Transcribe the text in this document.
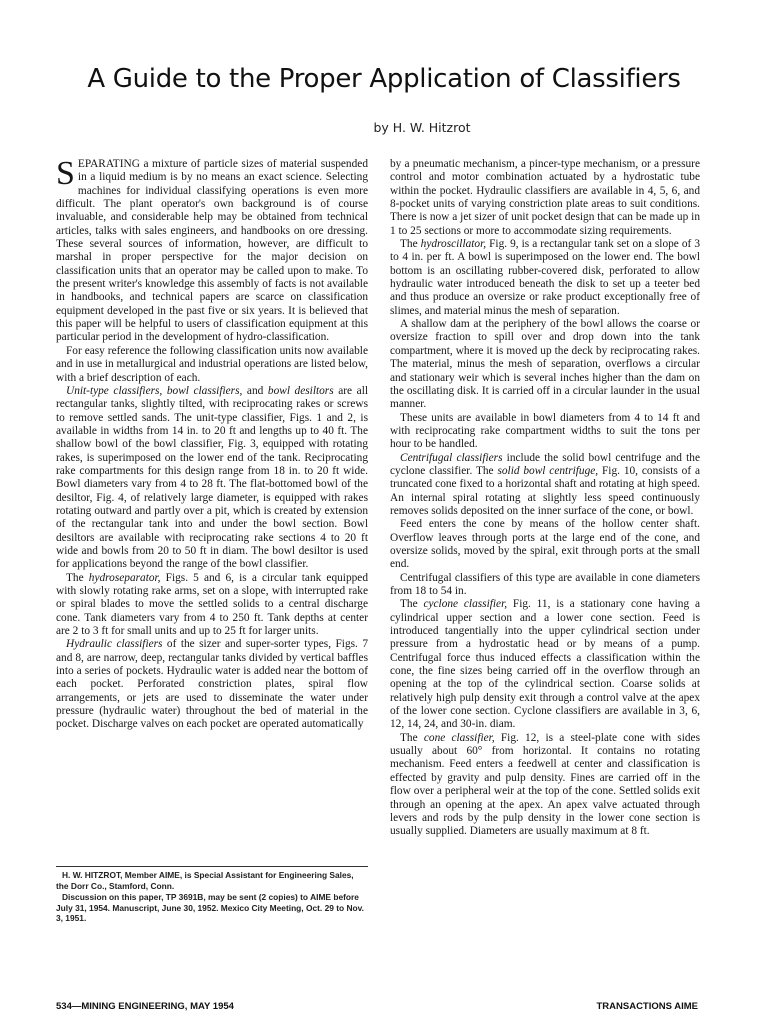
A Guide to the Proper Application of Classifiers
by H. W. Hitzrot

SEPARATING a mixture of particle sizes of material suspended in a liquid medium is by no means an exact science. Selecting machines for individual classifying operations is even more difficult. The plant operator's own background is of course invaluable, and considerable help may be obtained from technical articles, talks with sales engineers, and handbooks on ore dressing. These several sources of information, however, are difficult to marshal in proper perspective for the major decision on classification units that an operator may be called upon to make. To the present writer's knowledge this assembly of facts is not available in handbooks, and technical papers are scarce on classification equipment developed in the past five or six years. It is believed that this paper will be helpful to users of classification equipment at this particular period in the development of hydro-classification.

For easy reference the following classification units now available and in use in metallurgical and industrial operations are listed below, with a brief description of each.

Unit-type classifiers, bowl classifiers, and bowl desiltors are all rectangular tanks, slightly tilted, with reciprocating rakes or screws to remove settled sands. The unit-type classifier, Figs. 1 and 2, is available in widths from 14 in. to 20 ft and lengths up to 40 ft. The shallow bowl of the bowl classifier, Fig. 3, equipped with rotating rakes, is superimposed on the lower end of the tank. Reciprocating rake compartments for this design range from 18 in. to 20 ft wide. Bowl diameters vary from 4 to 28 ft. The flat-bottomed bowl of the desiltor, Fig. 4, of relatively large diameter, is equipped with rakes rotating outward and partly over a pit, which is created by extension of the rectangular tank into and under the bowl section. Bowl desiltors are available with reciprocating rake sections 4 to 20 ft wide and bowls from 20 to 50 ft in diam. The bowl desiltor is used for applications beyond the range of the bowl classifier.

The hydroseparator, Figs. 5 and 6, is a circular tank equipped with slowly rotating rake arms, set on a slope, with interrupted rake or spiral blades to move the settled solids to a central discharge cone. Tank diameters vary from 4 to 250 ft. Tank depths at center are 2 to 3 ft for small units and up to 25 ft for larger units.

Hydraulic classifiers of the sizer and super-sorter types, Figs. 7 and 8, are narrow, deep, rectangular tanks divided by vertical baffles into a series of pockets. Hydraulic water is added near the bottom of each pocket. Perforated constriction plates, spiral flow arrangements, or jets are used to disseminate the water under pressure (hydraulic water) throughout the bed of material in the pocket. Discharge valves on each pocket are operated automatically

by a pneumatic mechanism, a pincer-type mechanism, or a pressure control and motor combination actuated by a hydrostatic tube within the pocket. Hydraulic classifiers are available in 4, 5, 6, and 8-pocket units of varying constriction plate areas to suit conditions. There is now a jet sizer of unit pocket design that can be made up in 1 to 25 sections or more to accommodate sizing requirements.

The hydroscillator, Fig. 9, is a rectangular tank set on a slope of 3 to 4 in. per ft. A bowl is superimposed on the lower end. The bowl bottom is an oscillating rubber-covered disk, perforated to allow hydraulic water introduced beneath the disk to set up a teeter bed and thus produce an oversize or rake product exceptionally free of slimes, and material minus the mesh of separation.

A shallow dam at the periphery of the bowl allows the coarse or oversize fraction to spill over and drop down into the tank compartment, where it is moved up the deck by reciprocating rakes. The material, minus the mesh of separation, overflows a circular and stationary weir which is several inches higher than the dam on the oscillating disk. It is carried off in a circular launder in the usual manner.

These units are available in bowl diameters from 4 to 14 ft and with reciprocating rake compartment widths to suit the tons per hour to be handled.

Centrifugal classifiers include the solid bowl centrifuge and the cyclone classifier. The solid bowl centrifuge, Fig. 10, consists of a truncated cone fixed to a horizontal shaft and rotating at high speed. An internal spiral rotating at slightly less speed continuously removes solids deposited on the inner surface of the cone, or bowl.

Feed enters the cone by means of the hollow center shaft. Overflow leaves through ports at the large end of the cone, and oversize solids, moved by the spiral, exit through ports at the small end.

Centrifugal classifiers of this type are available in cone diameters from 18 to 54 in.

The cyclone classifier, Fig. 11, is a stationary cone having a cylindrical upper section and a lower cone section. Feed is introduced tangentially into the upper cylindrical section under pressure from a hydrostatic head or by means of a pump. Centrifugal force thus induced effects a classification within the cone, the fine sizes being carried off in the overflow through an opening at the top of the cylindrical section. Coarse solids at relatively high pulp density exit through a control valve at the apex of the lower cone section. Cyclone classifiers are available in 3, 6, 12, 14, 24, and 30-in. diam.

The cone classifier, Fig. 12, is a steel-plate cone with sides usually about 60° from horizontal. It contains no rotating mechanism. Feed enters a feedwell at center and classification is effected by gravity and pulp density. Fines are carried off in the flow over a peripheral weir at the top of the cone. Settled solids exit through an opening at the apex. An apex valve actuated through levers and rods by the pulp density in the lower cone section is usually supplied. Diameters are usually maximum at 8 ft.

H. W. HITZROT, Member AIME, is Special Assistant for Engineering Sales, the Dorr Co., Stamford, Conn.

Discussion on this paper, TP 3691B, may be sent (2 copies) to AIME before July 31, 1954. Manuscript, June 30, 1952. Mexico City Meeting, Oct. 29 to Nov. 3, 1951.

534—MINING ENGINEERING, MAY 1954	TRANSACTIONS AIME
